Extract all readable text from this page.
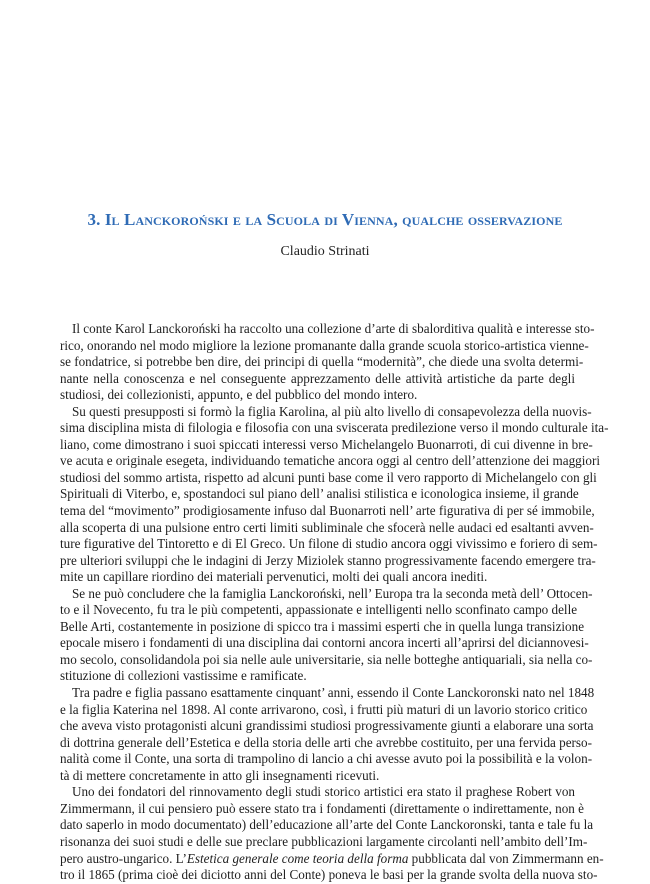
3. Il Lanckoroński e la Scuola di Vienna, qualche osservazione
Claudio Strinati
Il conte Karol Lanckoroński ha raccolto una collezione d’arte di sbalorditiva qualità e interesse sto-
rico, onorando nel modo migliore la lezione promanante dalla grande scuola storico-artistica vienne-
se fondatrice, si potrebbe ben dire, dei principi di quella “modernità”, che diede una svolta determi-
nante nella conoscenza e nel conseguente apprezzamento delle attività artistiche da parte degli
studiosi, dei collezionisti, appunto, e del pubblico del mondo intero.
Su questi presupposti si formò la figlia Karolina, al più alto livello di consapevolezza della nuovis-
sima disciplina mista di filologia e filosofia con una sviscerata predilezione verso il mondo culturale ita-
liano, come dimostrano i suoi spiccati interessi verso Michelangelo Buonarroti, di cui divenne in bre-
ve acuta e originale esegeta, individuando tematiche ancora oggi al centro dell’attenzione dei maggiori
studiosi del sommo artista, rispetto ad alcuni punti base come il vero rapporto di Michelangelo con gli
Spirituali di Viterbo, e, spostandoci sul piano dell’ analisi stilistica e iconologica insieme, il grande
tema del “movimento” prodigiosamente infuso dal Buonarroti nell’ arte figurativa di per sé immobile,
alla scoperta di una pulsione entro certi limiti subliminale che sfocerà nelle audaci ed esaltanti avven-
ture figurative del Tintoretto e di El Greco. Un filone di studio ancora oggi vivissimo e foriero di sem-
pre ulteriori sviluppi che le indagini di Jerzy Miziolek stanno progressivamente facendo emergere tra-
mite un capillare riordino dei materiali pervenutici, molti dei quali ancora inediti.
Se ne può concludere che la famiglia Lanckoroński, nell’ Europa tra la seconda metà dell’ Ottocen-
to e il Novecento, fu tra le più competenti, appassionate e intelligenti nello sconfinato campo delle
Belle Arti, costantemente in posizione di spicco tra i massimi esperti che in quella lunga transizione
epocale misero i fondamenti di una disciplina dai contorni ancora incerti all’aprirsi del diciannovesi-
mo secolo, consolidandola poi sia nelle aule universitarie, sia nelle botteghe antiquariali, sia nella co-
stituzione di collezioni vastissime e ramificate.
Tra padre e figlia passano esattamente cinquant’ anni, essendo il Conte Lanckoronski nato nel 1848
e la figlia Katerina nel 1898. Al conte arrivarono, così, i frutti più maturi di un lavorio storico critico
che aveva visto protagonisti alcuni grandissimi studiosi progressivamente giunti a elaborare una sorta
di dottrina generale dell’Estetica e della storia delle arti che avrebbe costituito, per una fervida perso-
nalità come il Conte, una sorta di trampolino di lancio a chi avesse avuto poi la possibilità e la volon-
tà di mettere concretamente in atto gli insegnamenti ricevuti.
Uno dei fondatori del rinnovamento degli studi storico artistici era stato il praghese Robert von
Zimmermann, il cui pensiero può essere stato tra i fondamenti (direttamente o indirettamente, non è
dato saperlo in modo documentato) dell’educazione all’arte del Conte Lanckoronski, tanta e tale fu la
risonanza dei suoi studi e delle sue preclare pubblicazioni largamente circolanti nell’ambito dell’Im-
pero austro-ungarico. L’Estetica generale come teoria della forma pubblicata dal von Zimmermann en-
tro il 1865 (prima cioè dei diciotto anni del Conte) poneva le basi per la grande svolta della nuova sto-
